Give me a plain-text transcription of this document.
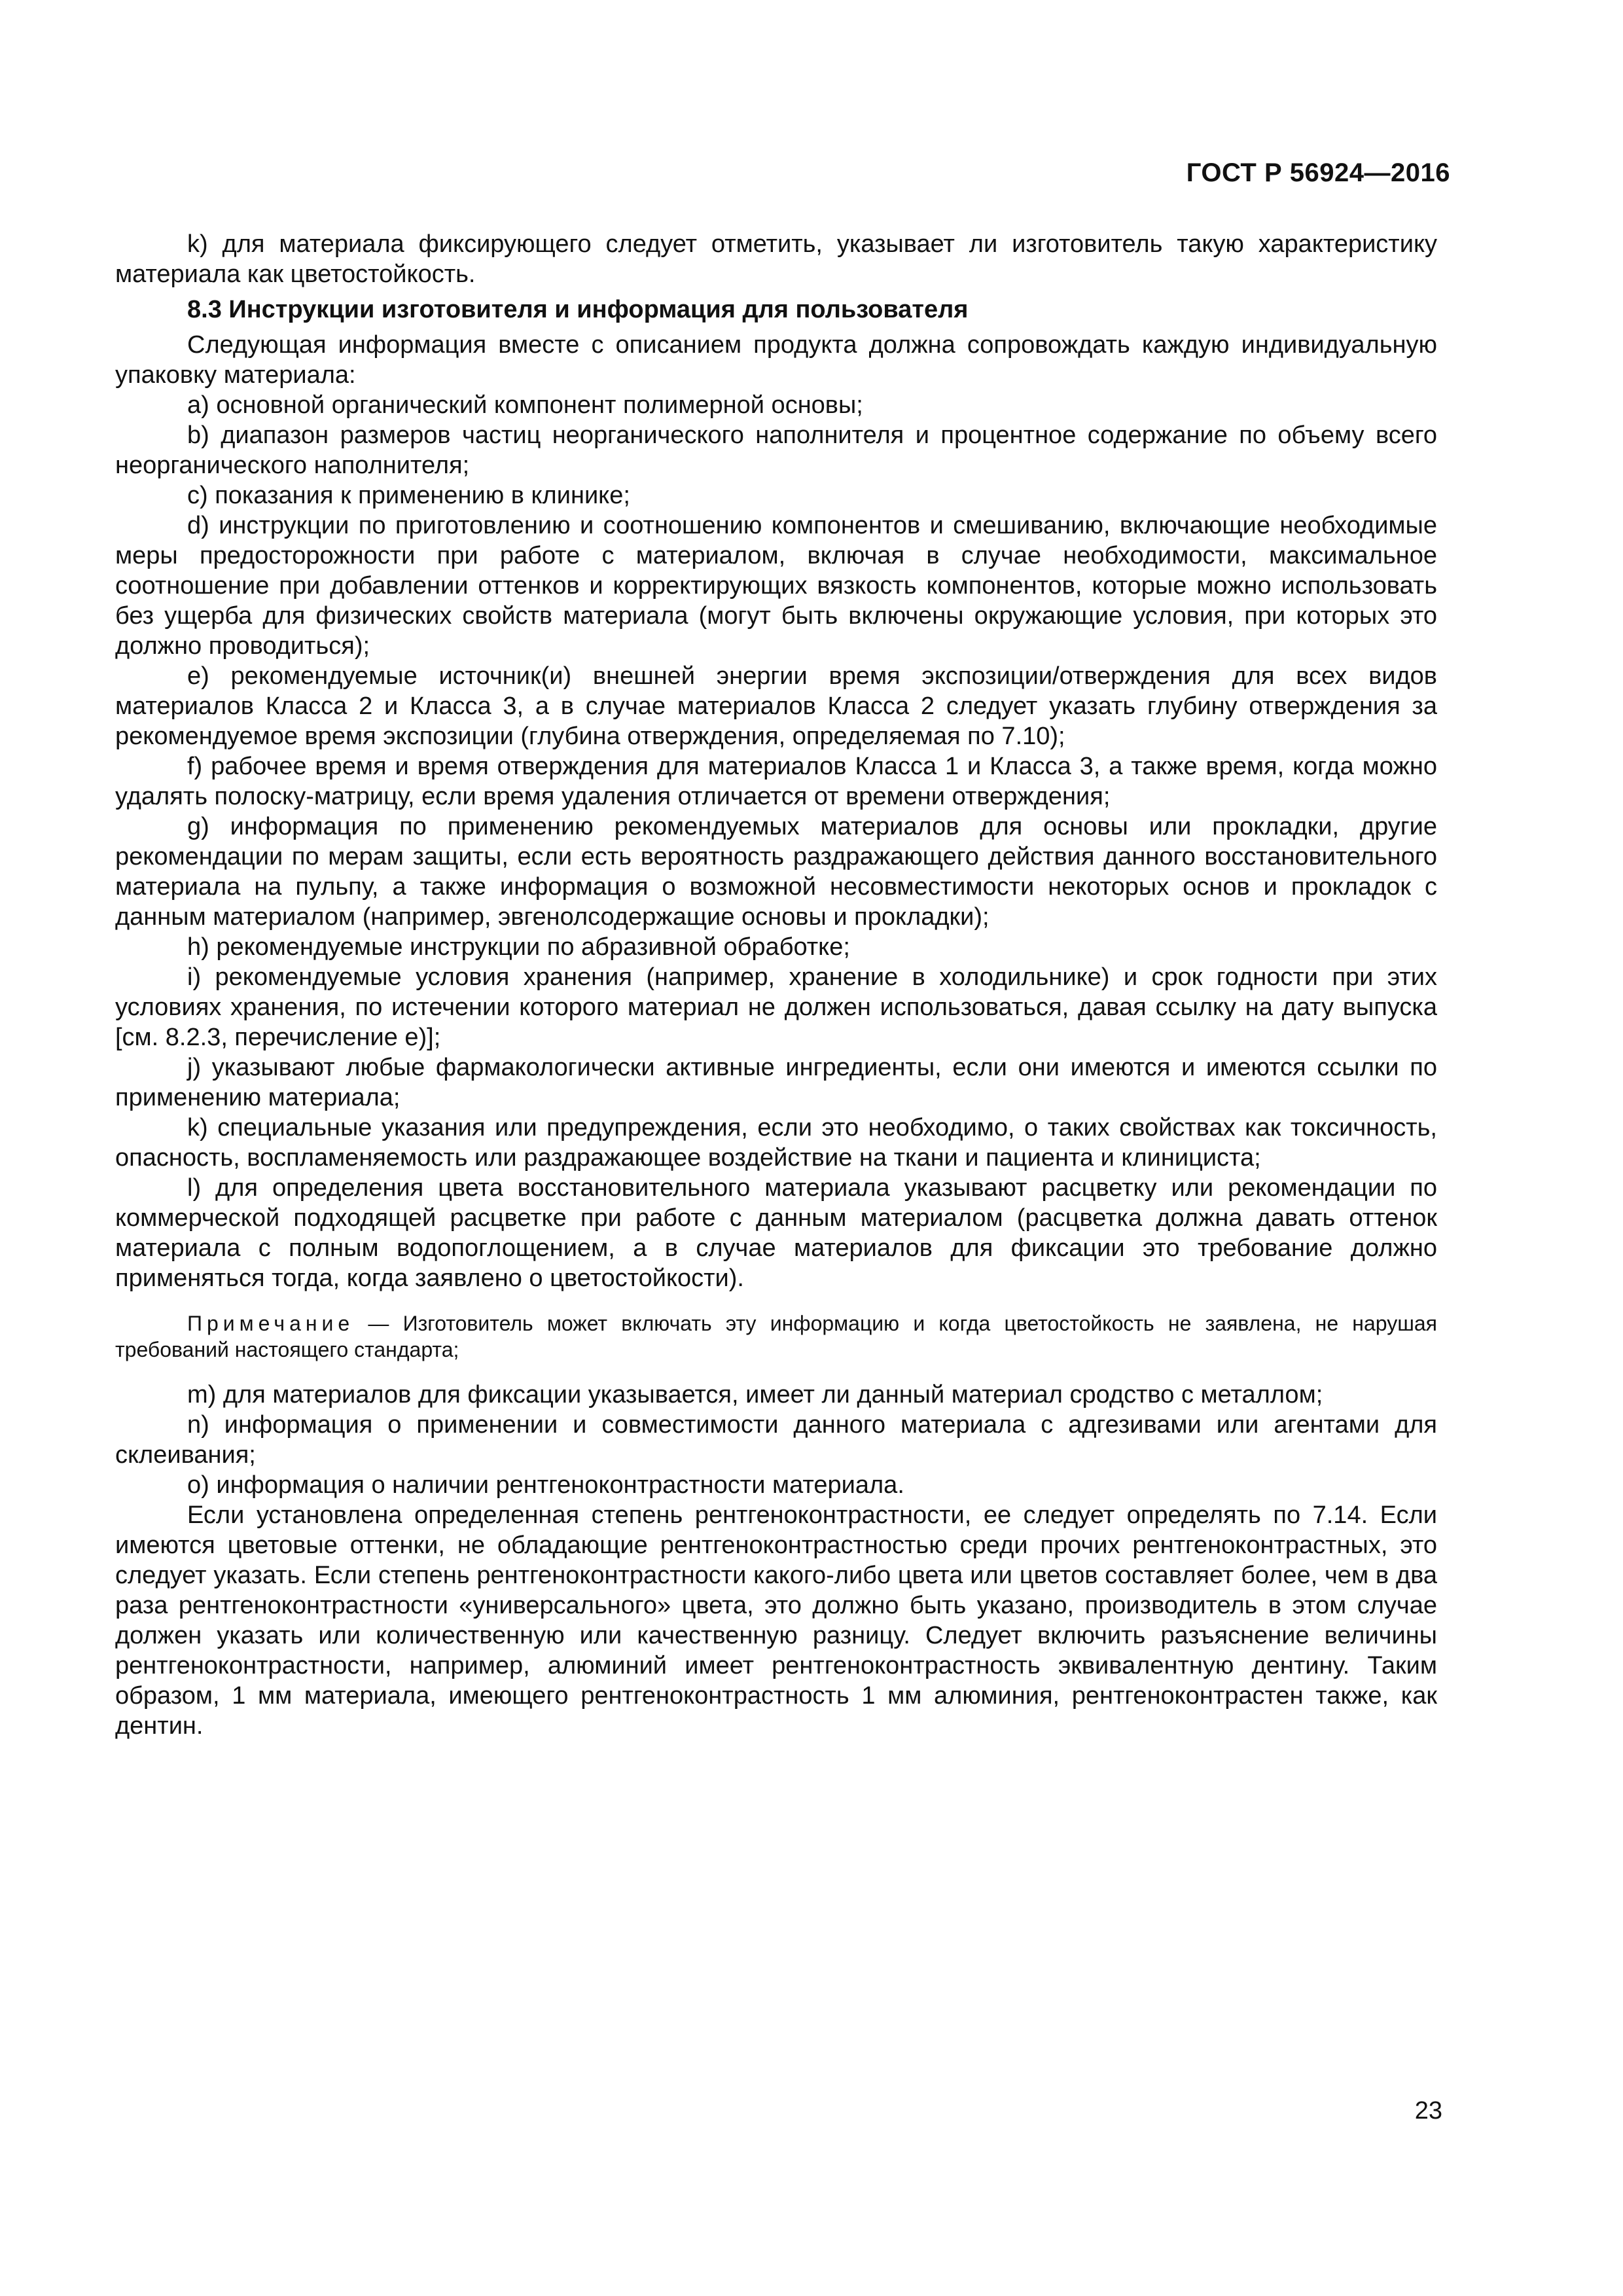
ГОСТ Р 56924—2016

k) для материала фиксирующего следует отметить, указывает ли изготовитель такую характеристику материала как цветостойкость.

8.3 Инструкции изготовителя и информация для пользователя

Следующая информация вместе с описанием продукта должна сопровождать каждую индивидуальную упаковку материала:

а) основной органический компонент полимерной основы;

b) диапазон размеров частиц неорганического наполнителя и процентное содержание по объему всего неорганического наполнителя;

c) показания к применению в клинике;

d) инструкции по приготовлению и соотношению компонентов и смешиванию, включающие необходимые меры предосторожности при работе с материалом, включая в случае необходимости, максимальное соотношение при добавлении оттенков и корректирующих вязкость компонентов, которые можно использовать без ущерба для физических свойств материала (могут быть включены окружающие условия, при которых это должно проводиться);

e) рекомендуемые источник(и) внешней энергии время экспозиции/отверждения для всех видов материалов Класса 2 и Класса 3, а в случае материалов Класса 2 следует указать глубину отверждения за рекомендуемое время экспозиции (глубина отверждения, определяемая по 7.10);

f) рабочее время и время отверждения для материалов Класса 1 и Класса 3, а также время, когда можно удалять полоску-матрицу, если время удаления отличается от времени отверждения;

g) информация по применению рекомендуемых материалов для основы или прокладки, другие рекомендации по мерам защиты, если есть вероятность раздражающего действия данного восстановительного материала на пульпу, а также информация о возможной несовместимости некоторых основ и прокладок с данным материалом (например, эвгенолсодержащие основы и прокладки);

h) рекомендуемые инструкции по абразивной обработке;

i) рекомендуемые условия хранения (например, хранение в холодильнике) и срок годности при этих условиях хранения, по истечении которого материал не должен использоваться, давая ссылку на дату выпуска [см. 8.2.3, перечисление е)];

j) указывают любые фармакологически активные ингредиенты, если они имеются и имеются ссылки по применению материала;

k) специальные указания или предупреждения, если это необходимо, о таких свойствах как токсичность, опасность, воспламеняемость или раздражающее воздействие на ткани и пациента и клинициста;

l) для определения цвета восстановительного материала указывают расцветку или рекомендации по коммерческой подходящей расцветке при работе с данным материалом (расцветка должна давать оттенок материала с полным водопоглощением, а в случае материалов для фиксации это требование должно применяться тогда, когда заявлено о цветостойкости).

Примечание — Изготовитель может включать эту информацию и когда цветостойкость не заявлена, не нарушая требований настоящего стандарта;

m) для материалов для фиксации указывается, имеет ли данный материал сродство с металлом;

n) информация о применении и совместимости данного материала с адгезивами или агентами для склеивания;

o) информация о наличии рентгеноконтрастности материала.

Если установлена определенная степень рентгеноконтрастности, ее следует определять по 7.14. Если имеются цветовые оттенки, не обладающие рентгеноконтрастностью среди прочих рентгеноконтрастных, это следует указать. Если степень рентгеноконтрастности какого-либо цвета или цветов составляет более, чем в два раза рентгеноконтрастности «универсального» цвета, это должно быть указано, производитель в этом случае должен указать или количественную или качественную разницу. Следует включить разъяснение величины рентгеноконтрастности, например, алюминий имеет рентгеноконтрастность эквивалентную дентину. Таким образом, 1 мм материала, имеющего рентгеноконтрастность 1 мм алюминия, рентгеноконтрастен также, как дентин.

23
